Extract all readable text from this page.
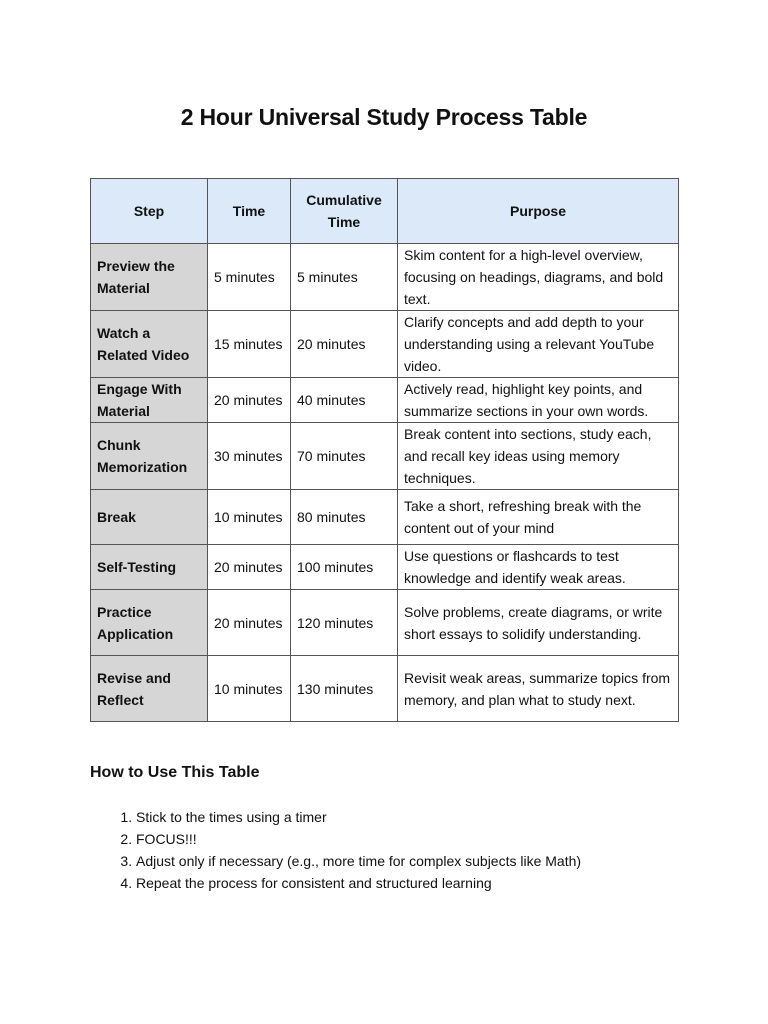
2 Hour Universal Study Process Table
Step	Time	Cumulative Time	Purpose
Preview the Material	5 minutes	5 minutes	Skim content for a high-level overview, focusing on headings, diagrams, and bold text.
Watch a Related Video	15 minutes	20 minutes	Clarify concepts and add depth to your understanding using a relevant YouTube video.
Engage With Material	20 minutes	40 minutes	Actively read, highlight key points, and summarize sections in your own words.
Chunk Memorization	30 minutes	70 minutes	Break content into sections, study each, and recall key ideas using memory techniques.
Break	10 minutes	80 minutes	Take a short, refreshing break with the content out of your mind
Self-Testing	20 minutes	100 minutes	Use questions or flashcards to test knowledge and identify weak areas.
Practice Application	20 minutes	120 minutes	Solve problems, create diagrams, or write short essays to solidify understanding.
Revise and Reflect	10 minutes	130 minutes	Revisit weak areas, summarize topics from memory, and plan what to study next.
How to Use This Table
1. Stick to the times using a timer
2. FOCUS!!!
3. Adjust only if necessary (e.g., more time for complex subjects like Math)
4. Repeat the process for consistent and structured learning
